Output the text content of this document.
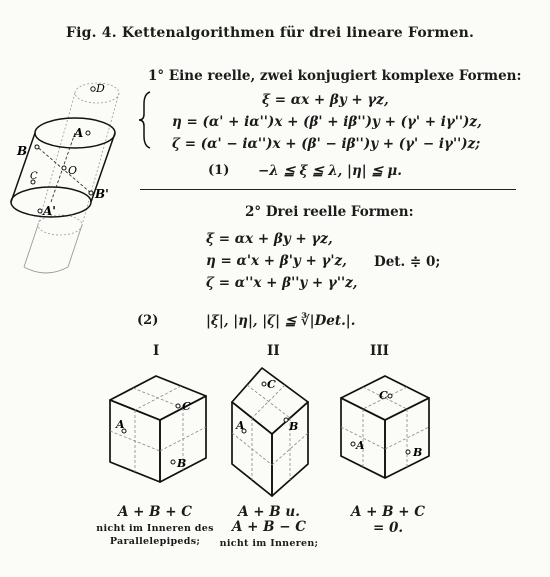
Fig. 4. Kettenalgorithmen für drei lineare Formen.
D
A
O
B
C
B'
A'
1° Eine reelle, zwei konjugiert komplexe Formen:
ξ = αx + βy + γz,
η = (α' + iα'')x + (β' + iβ'')y + (γ' + iγ'')z,
ζ = (α' − iα'')x + (β' − iβ'')y + (γ' − iγ'')z;
(1) −λ ≦ ξ ≦ λ, |η| ≦ μ.
2° Drei reelle Formen:
ξ = αx + βy + γz,
η = α'x + β'y + γ'z, Det. ≑ 0;
ζ = α''x + β''y + γ''z,
(2)	|ξ|, |η|, |ζ| ≦ ∛|Det.|.
I	II	III
C
A
B
C
A	B
C
A
B
A + B + C
nicht im Inneren des
Parallelepipeds;
A + B u.
A + B − C
nicht im Inneren;
A + B + C
= 0.
